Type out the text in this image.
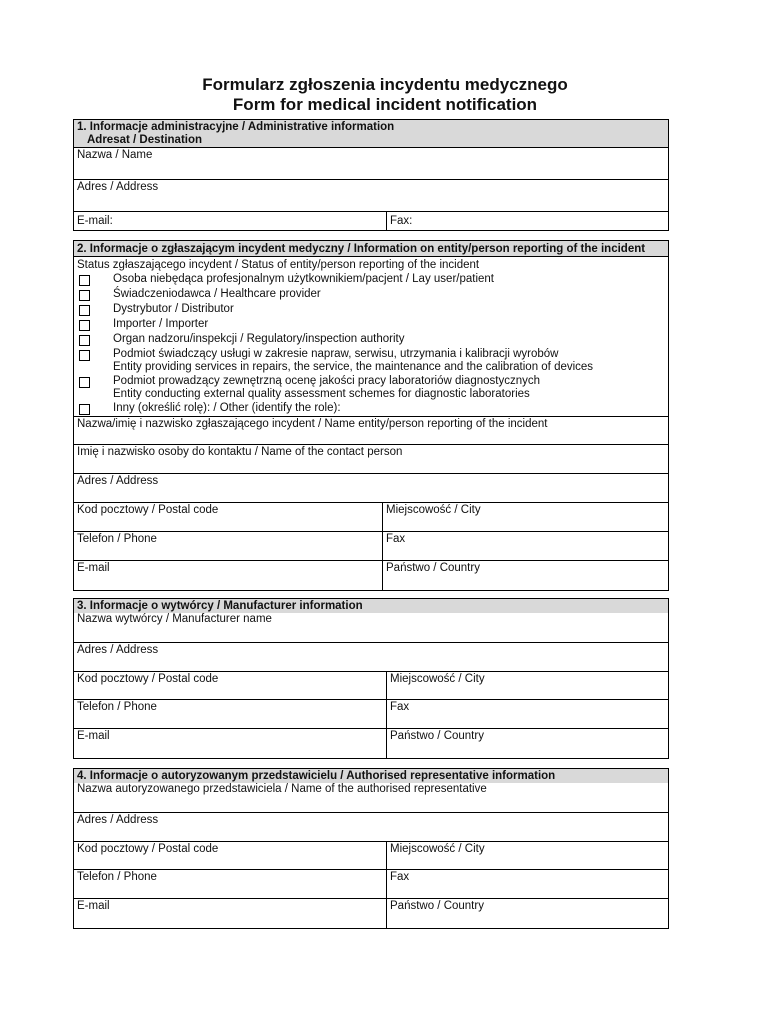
Formularz zgłoszenia incydentu medycznego
Form for medical incident notification
1. Informacje administracyjne / Administrative information
Adresat / Destination
Nazwa / Name
Adres / Address
E-mail:	Fax:
2. Informacje o zgłaszającym incydent medyczny / Information on entity/person reporting of the incident
Status zgłaszającego incydent / Status of entity/person reporting of the incident
Osoba niebędąca profesjonalnym użytkownikiem/pacjent / Lay user/patient
Świadczeniodawca / Healthcare provider
Dystrybutor / Distributor
Importer / Importer
Organ nadzoru/inspekcji / Regulatory/inspection authority
Podmiot świadczący usługi w zakresie napraw, serwisu, utrzymania i kalibracji wyrobów
Entity providing services in repairs, the service, the maintenance and the calibration of devices
Podmiot prowadzący zewnętrzną ocenę jakości pracy laboratoriów diagnostycznych
Entity conducting external quality assessment schemes for diagnostic laboratories
Inny (określić rolę): / Other (identify the role):
Nazwa/imię i nazwisko zgłaszającego incydent / Name entity/person reporting of the incident
Imię i nazwisko osoby do kontaktu / Name of the contact person
Adres / Address
Kod pocztowy / Postal code	Miejscowość / City
Telefon / Phone	Fax
E-mail	Państwo / Country
3. Informacje o wytwórcy / Manufacturer information
Nazwa wytwórcy / Manufacturer name
Adres / Address
Kod pocztowy / Postal code	Miejscowość / City
Telefon / Phone	Fax
E-mail	Państwo / Country
4. Informacje o autoryzowanym przedstawicielu / Authorised representative information
Nazwa autoryzowanego przedstawiciela / Name of the authorised representative
Adres / Address
Kod pocztowy / Postal code	Miejscowość / City
Telefon / Phone	Fax
E-mail	Państwo / Country
